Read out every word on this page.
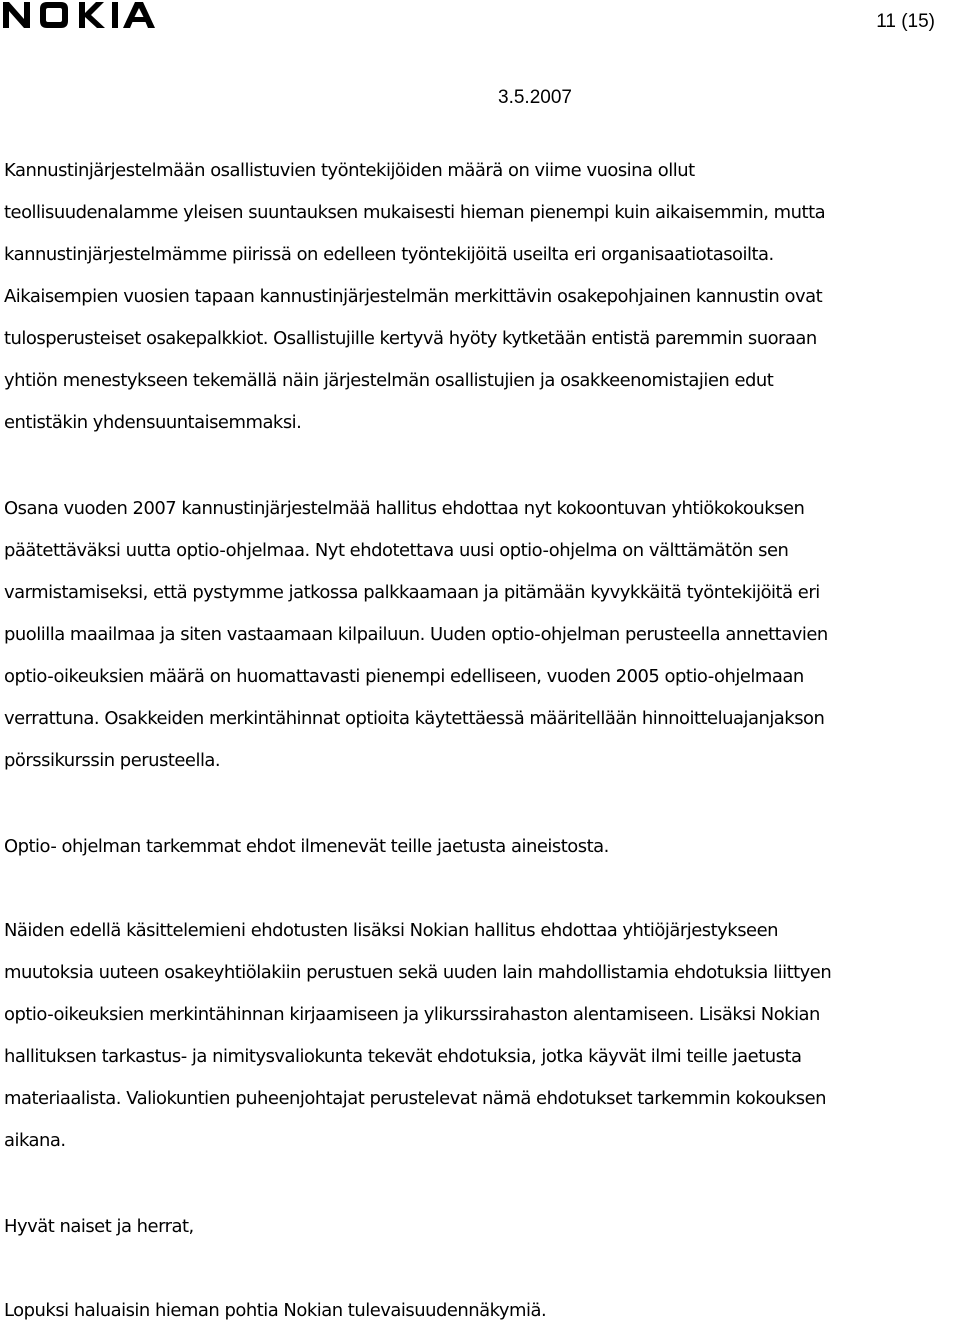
11 (15)
3.5.2007
Kannustinjärjestelmään osallistuvien työntekijöiden määrä on viime vuosina ollut
teollisuudenalamme yleisen suuntauksen mukaisesti hieman pienempi kuin aikaisemmin, mutta
kannustinjärjestelmämme piirissä on edelleen työntekijöitä useilta eri organisaatiotasoilta.
Aikaisempien vuosien tapaan kannustinjärjestelmän merkittävin osakepohjainen kannustin ovat
tulosperusteiset osakepalkkiot. Osallistujille kertyvä hyöty kytketään entistä paremmin suoraan
yhtiön menestykseen tekemällä näin järjestelmän osallistujien ja osakkeenomistajien edut
entistäkin yhdensuuntaisemmaksi.
Osana vuoden 2007 kannustinjärjestelmää hallitus ehdottaa nyt kokoontuvan yhtiökokouksen
päätettäväksi uutta optio-ohjelmaa. Nyt ehdotettava uusi optio-ohjelma on välttämätön sen
varmistamiseksi, että pystymme jatkossa palkkaamaan ja pitämään kyvykkäitä työntekijöitä eri
puolilla maailmaa ja siten vastaamaan kilpailuun. Uuden optio-ohjelman perusteella annettavien
optio-oikeuksien määrä on huomattavasti pienempi edelliseen, vuoden 2005 optio-ohjelmaan
verrattuna. Osakkeiden merkintähinnat optioita käytettäessä määritellään hinnoitteluajanjakson
pörssikurssin perusteella.
Optio- ohjelman tarkemmat ehdot ilmenevät teille jaetusta aineistosta.
Näiden edellä käsittelemieni ehdotusten lisäksi Nokian hallitus ehdottaa yhtiöjärjestykseen
muutoksia uuteen osakeyhtiölakiin perustuen sekä uuden lain mahdollistamia ehdotuksia liittyen
optio-oikeuksien merkintähinnan kirjaamiseen ja ylikurssirahaston alentamiseen. Lisäksi Nokian
hallituksen tarkastus- ja nimitysvaliokunta tekevät ehdotuksia, jotka käyvät ilmi teille jaetusta
materiaalista. Valiokuntien puheenjohtajat perustelevat nämä ehdotukset tarkemmin kokouksen
aikana.
Hyvät naiset ja herrat,
Lopuksi haluaisin hieman pohtia Nokian tulevaisuudennäkymiä.
